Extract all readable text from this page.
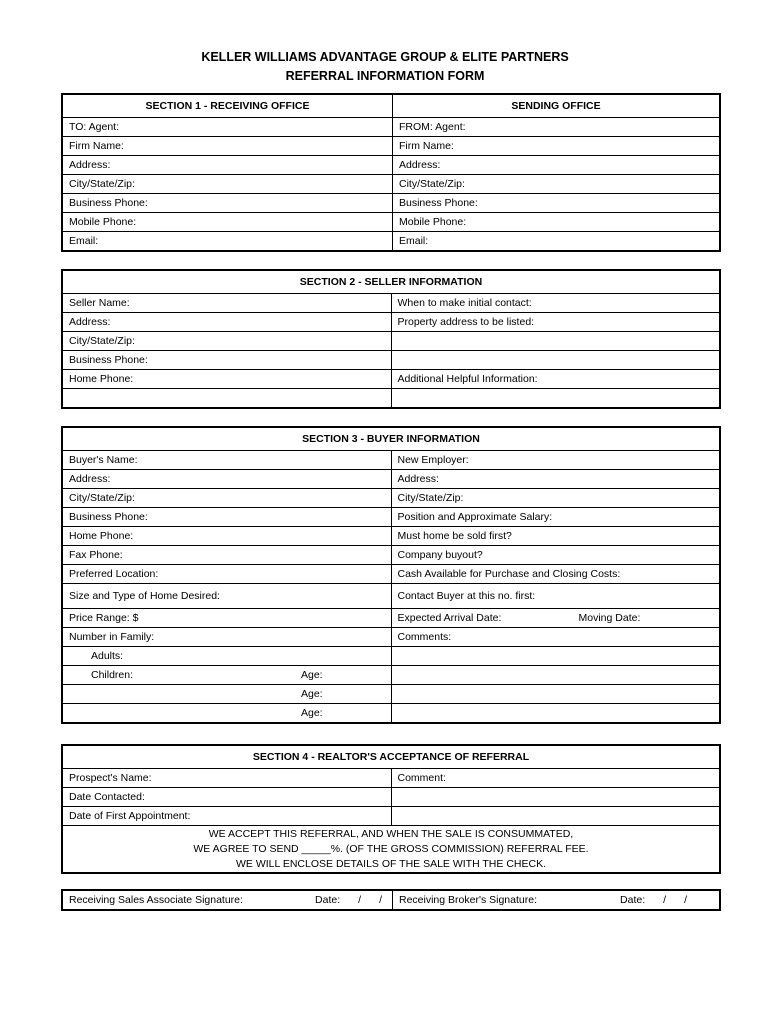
KELLER WILLIAMS ADVANTAGE GROUP & ELITE PARTNERS
REFERRAL INFORMATION FORM
SECTION 1 - RECEIVING OFFICE	SENDING OFFICE
TO: Agent:	FROM: Agent:
Firm Name:	Firm Name:
Address:	Address:
City/State/Zip:	City/State/Zip:
Business Phone:	Business Phone:
Mobile Phone:	Mobile Phone:
Email:	Email:
SECTION 2 - SELLER INFORMATION	
Seller Name:	When to make initial contact:
Address:	Property address to be listed:
City/State/Zip:	
Business Phone:	
Home Phone:	Additional Helpful Information:

SECTION 3 - BUYER INFORMATION	
Buyer's Name:	New Employer:
Address:	Address:
City/State/Zip:	City/State/Zip:
Business Phone:	Position and Approximate Salary:
Home Phone:	Must home be sold first?
Fax Phone:	Company buyout?
Preferred Location:	Cash Available for Purchase and Closing Costs:
Size and Type of Home Desired:	Contact Buyer at this no. first:
Price Range: $	Expected Arrival Date: Moving Date:
Number in Family:	Comments:
Adults:	

Children: Age:	

Age:	

Age:	

SECTION 4 - REALTOR'S ACCEPTANCE OF REFERRAL	
Prospect's Name:	Comment:
Date Contacted:	
Date of First Appointment:	

WE ACCEPT THIS REFERRAL, AND WHEN THE SALE IS CONSUMMATED,
WE AGREE TO SEND _____%. (OF THE GROSS COMMISSION) REFERRAL FEE.
WE WILL ENCLOSE DETAILS OF THE SALE WITH THE CHECK.	
Receiving Sales Associate Signature:	Date: / /	Receiving Broker's Signature:	Date: / /
